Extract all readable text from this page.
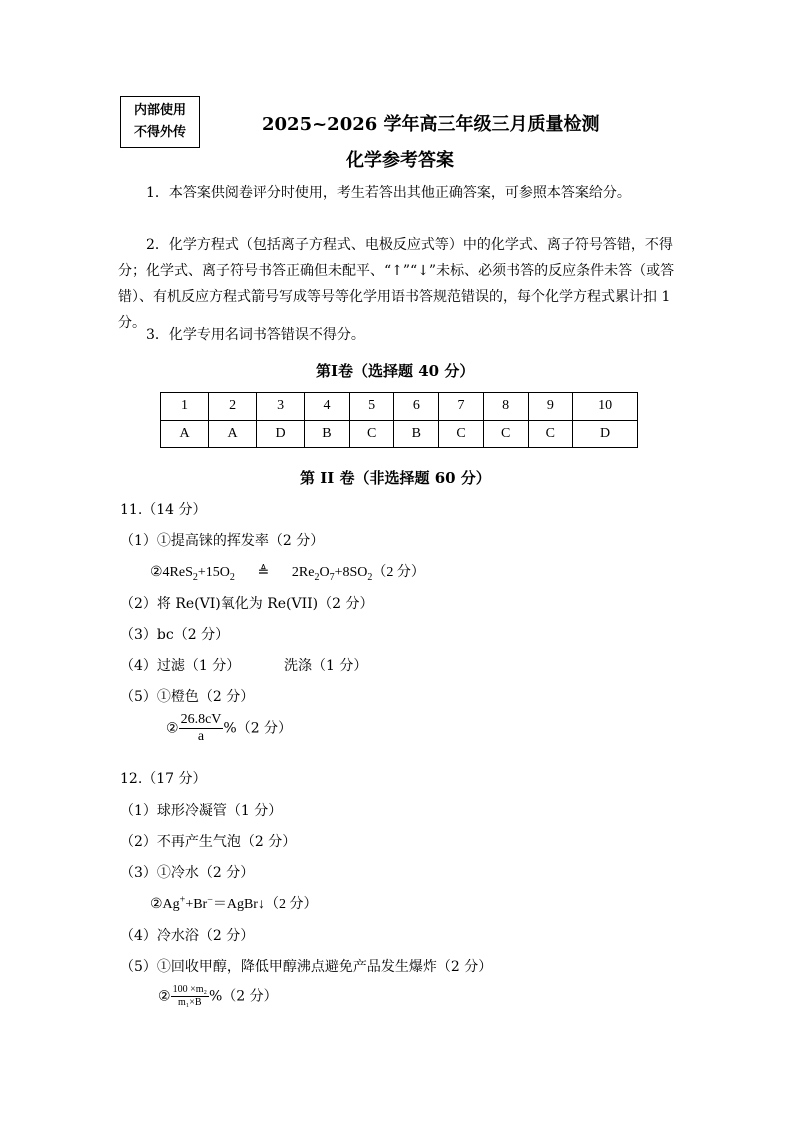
内部使用
不得外传	2025~2026 学年高三年级三月质量检测
化学参考答案
1．本答案供阅卷评分时使用，考生若答出其他正确答案，可参照本答案给分。
2．化学方程式（包括离子方程式、电极反应式等）中的化学式、离子符号答错，不得分；化学式、离子符号书答正确但未配平、“↑”“↓”未标、必须书答的反应条件未答（或答错）、有机反应方程式箭号写成等号等化学用语书答规范错误的，每个化学方程式累计扣 1 分。
3．化学专用名词书答错误不得分。
第Ⅰ卷（选择题 40 分）
1	2	3	4	5	6	7	8	9	10
A	A	D	B	C	B	C	C	C	D
第 II 卷（非选择题 60 分）
11.（14 分）
（1）①提高铼的挥发率（2 分）
$②4ReS_2+15O_2$ ≜ $2Re_2O_7+8SO_2(2$ 分）
（2）将 Re(VI)氧化为 Re(VII)（2 分）
（3）bc（2 分）
（4）过滤（1 分）	洗涤（1 分）
（5）①橙色（2 分）
② $\frac{26.8cV}{a} \%(2$ 分）
12.（17 分）
（1）球形冷凝管（1 分）
（2）不再产生气泡（2 分）
（3）①冷水（2 分）
②Ag++Br−＝AgBr↓（2 分）
（4）冷水浴（2 分）
（5）①回收甲醇，降低甲醇沸点避免产品发生爆炸（2 分）
② $\frac{\text{100 ×m₂}}{\text{m₁×B}} \%(2$ 分）
